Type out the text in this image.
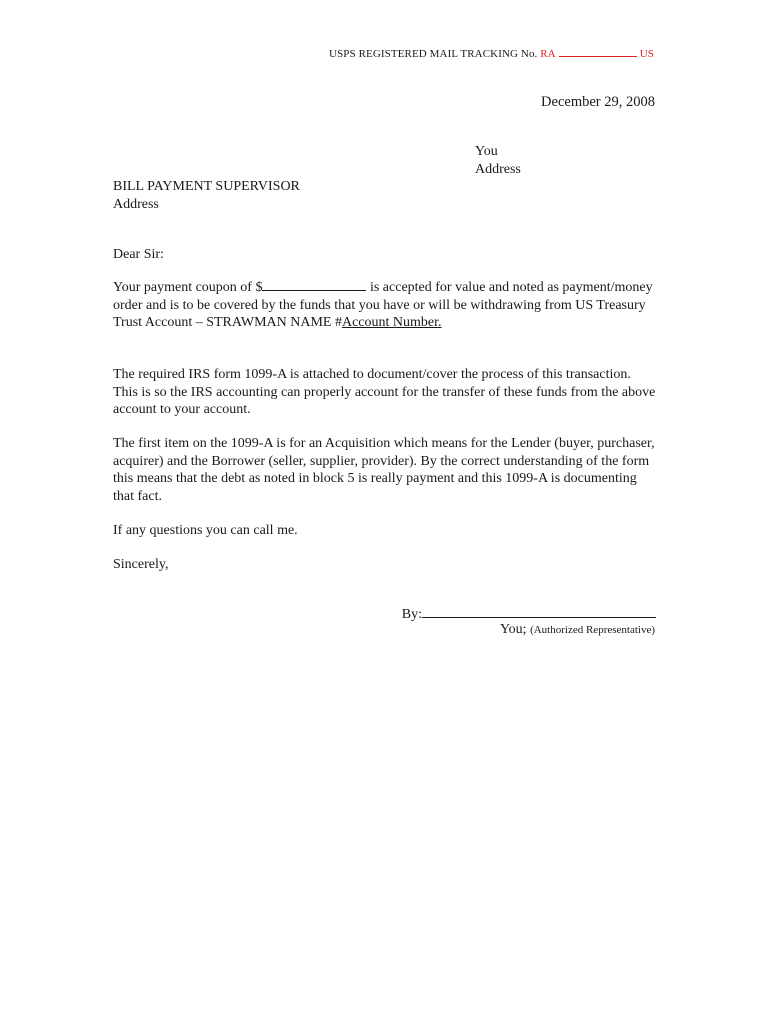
USPS REGISTERED MAIL TRACKING No. RA	US
December 29, 2008
You
Address
BILL PAYMENT SUPERVISOR
Address
Dear Sir:
Your payment coupon of $	is accepted for value and noted as payment/money order and is to be covered by the funds that you have or will be withdrawing from US Treasury Trust Account – STRAWMAN NAME #Account Number.
The required IRS form 1099-A is attached to document/cover the process of this transaction. This is so the IRS accounting can properly account for the transfer of these funds from the above account to your account.
The first item on the 1099-A is for an Acquisition which means for the Lender (buyer, purchaser, acquirer) and the Borrower (seller, supplier, provider). By the correct understanding of the form this means that the debt as noted in block 5 is really payment and this 1099-A is documenting that fact.
If any questions you can call me.
Sincerely,
By:
You; (Authorized Representative)
